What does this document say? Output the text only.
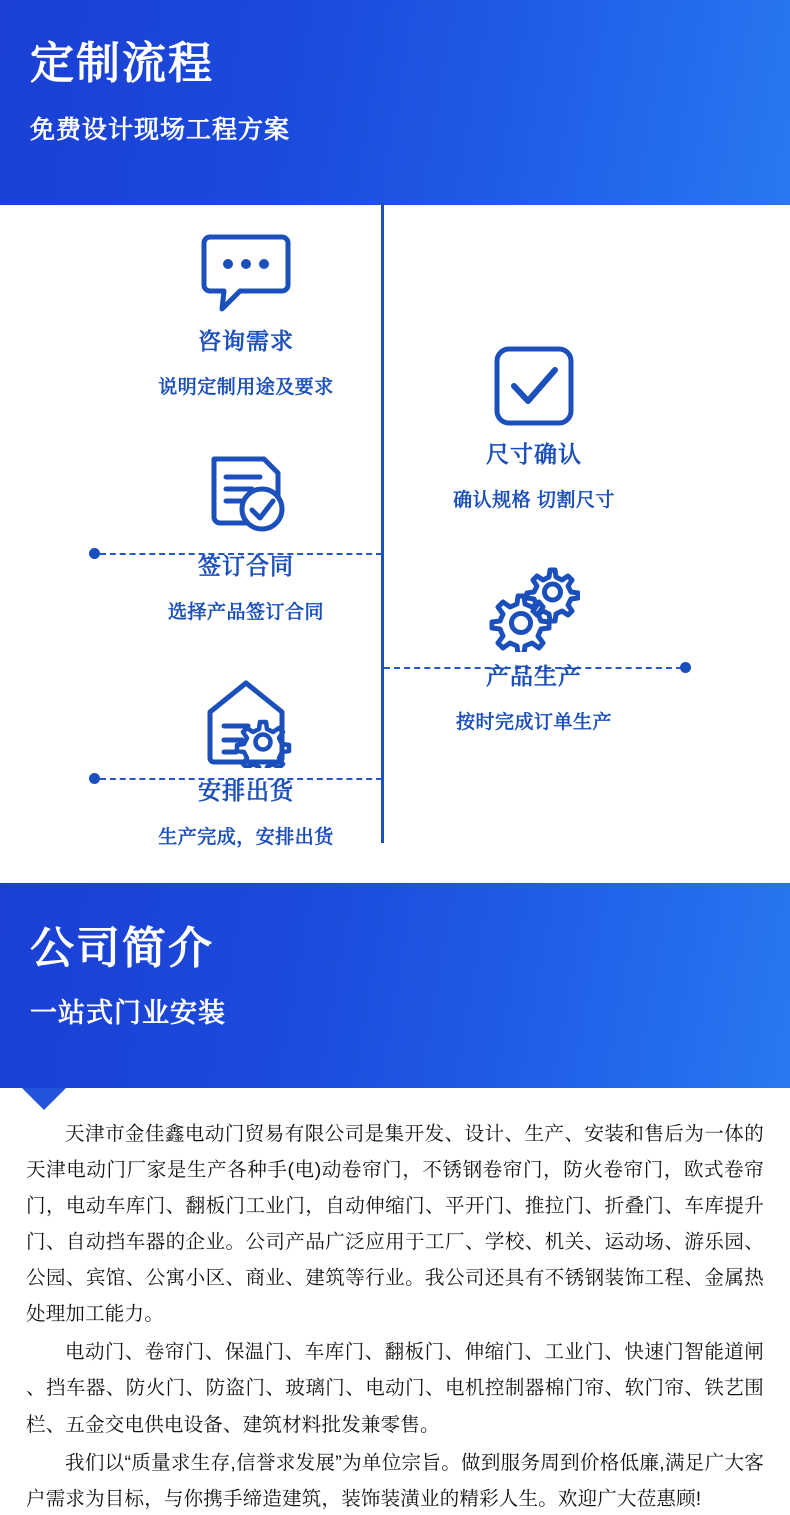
定制流程
免费设计现场工程方案
咨询需求
说明定制用途及要求
尺寸确认
确认规格 切割尺寸
签订合同
选择产品签订合同
产品生产
按时完成订单生产
安排出货
生产完成，安排出货
公司简介
一站式门业安装

天津市金佳鑫电动门贸易有限公司是集开发、设计、生产、安装和售后为一体的天津电动门厂家是生产各种手(电)动卷帘门，不锈钢卷帘门，防火卷帘门，欧式卷帘门，电动车库门、翻板门工业门，自动伸缩门、平开门、推拉门、折叠门、车库提升门、自动挡车器的企业。公司产品广泛应用于工厂、学校、机关、运动场、游乐园、公园、宾馆、公寓小区、商业、建筑等行业。我公司还具有不锈钢装饰工程、金属热处理加工能力。

电动门、卷帘门、保温门、车库门、翻板门、伸缩门、工业门、快速门智能道闸 、挡车器、防火门、防盗门、玻璃门、电动门、电机控制器棉门帘、软门帘、铁艺围栏、五金交电供电设备、建筑材料批发兼零售。

我们以“质量求生存,信誉求发展”为单位宗旨。做到服务周到价格低廉,满足广大客户需求为目标，与你携手缔造建筑，装饰装潢业的精彩人生。欢迎广大莅惠顾!
